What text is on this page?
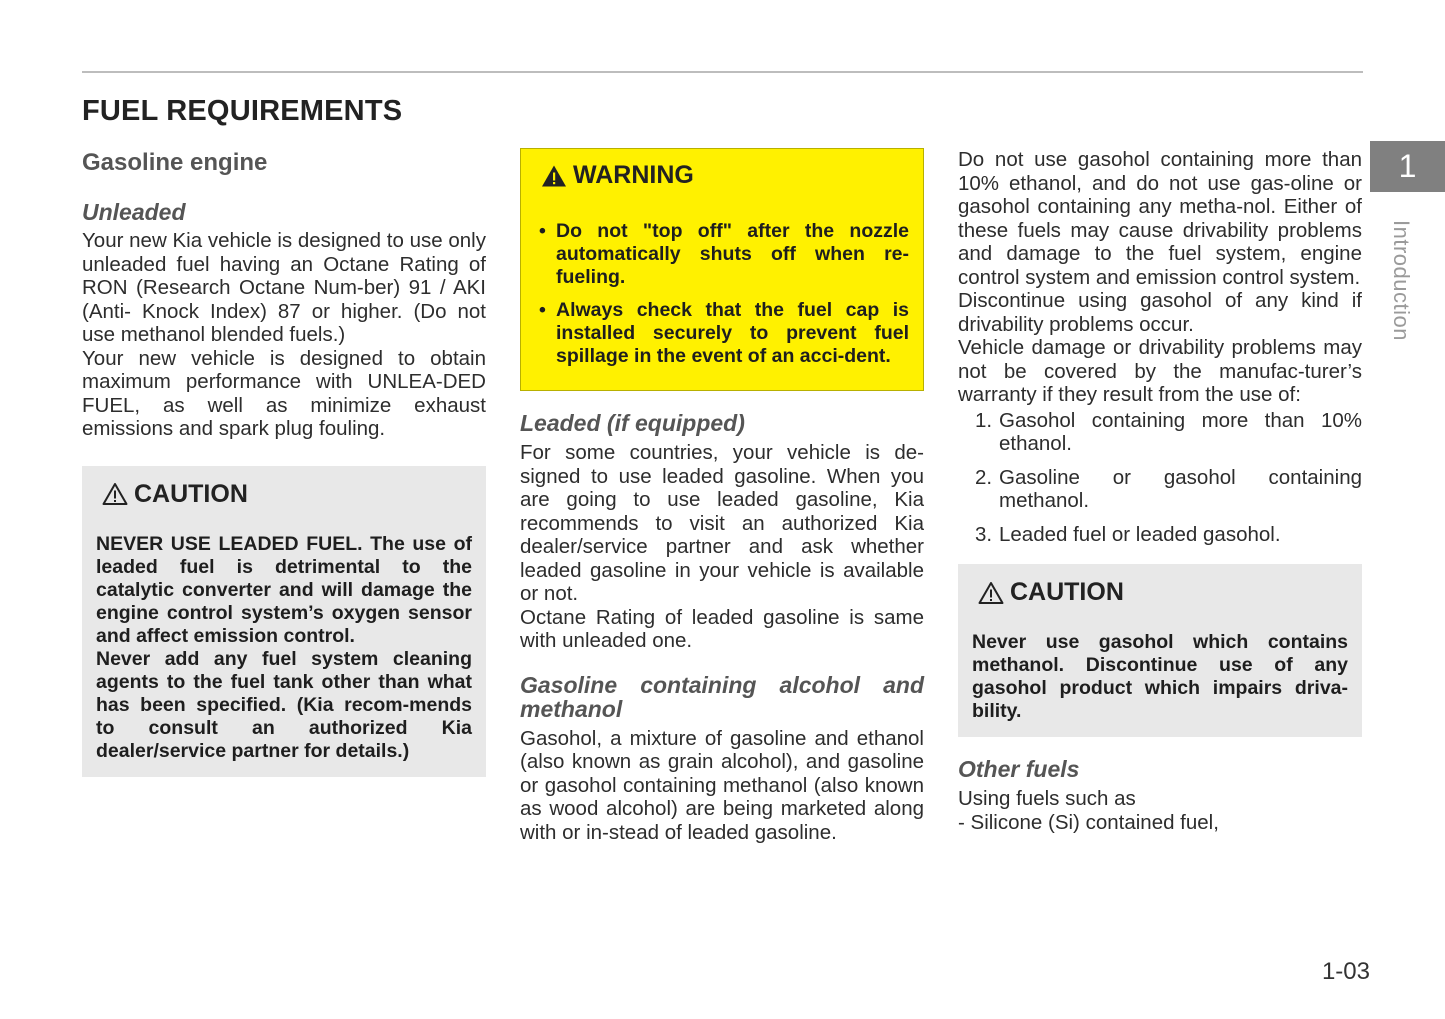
FUEL REQUIREMENTS
Gasoline engine
Unleaded

Your new Kia vehicle is designed to use only unleaded fuel having an Octane Rating of RON (Research Octane Num-ber) 91 / AKI (Anti- Knock Index) 87 or higher. (Do not use methanol blended fuels.)

Your new vehicle is designed to obtain maximum performance with UNLEA-DED FUEL, as well as minimize exhaust emissions and spark plug fouling.

CAUTION

NEVER USE LEADED FUEL. The use of leaded fuel is detrimental to the catalytic converter and will damage the engine control system’s oxygen sensor and affect emission control.

Never add any fuel system cleaning agents to the fuel tank other than what has been specified. (Kia recom-mends to consult an authorized Kia dealer/service partner for details.)

WARNING
• Do not "top off" after the nozzle automatically shuts off when re-fueling.
• Always check that the fuel cap is installed securely to prevent fuel spillage in the event of an acci-dent.
Leaded (if equipped)

For some countries, your vehicle is de-signed to use leaded gasoline. When you are going to use leaded gasoline, Kia recommends to visit an authorized Kia dealer/service partner and ask whether leaded gasoline in your vehicle is available or not.

Octane Rating of leaded gasoline is same with unleaded one.

Gasoline containing alcohol and methanol

Gasohol, a mixture of gasoline and ethanol (also known as grain alcohol), and gasoline or gasohol containing methanol (also known as wood alcohol) are being marketed along with or in-stead of leaded gasoline.

Do not use gasohol containing more than 10% ethanol, and do not use gas-oline or gasohol containing any metha-nol. Either of these fuels may cause drivability problems and damage to the fuel system, engine control system and emission control system.

Discontinue using gasohol of any kind if drivability problems occur.

Vehicle damage or drivability problems may not be covered by the manufac-turer’s warranty if they result from the use of:

1. Gasohol containing more than 10% ethanol.
2. Gasoline or gasohol containing methanol.
3. Leaded fuel or leaded gasohol.
CAUTION

Never use gasohol which contains methanol. Discontinue use of any gasohol product which impairs driva-bility.

Other fuels

Using fuels such as

- Silicone (Si) contained fuel,

1
Introduction
1-03
